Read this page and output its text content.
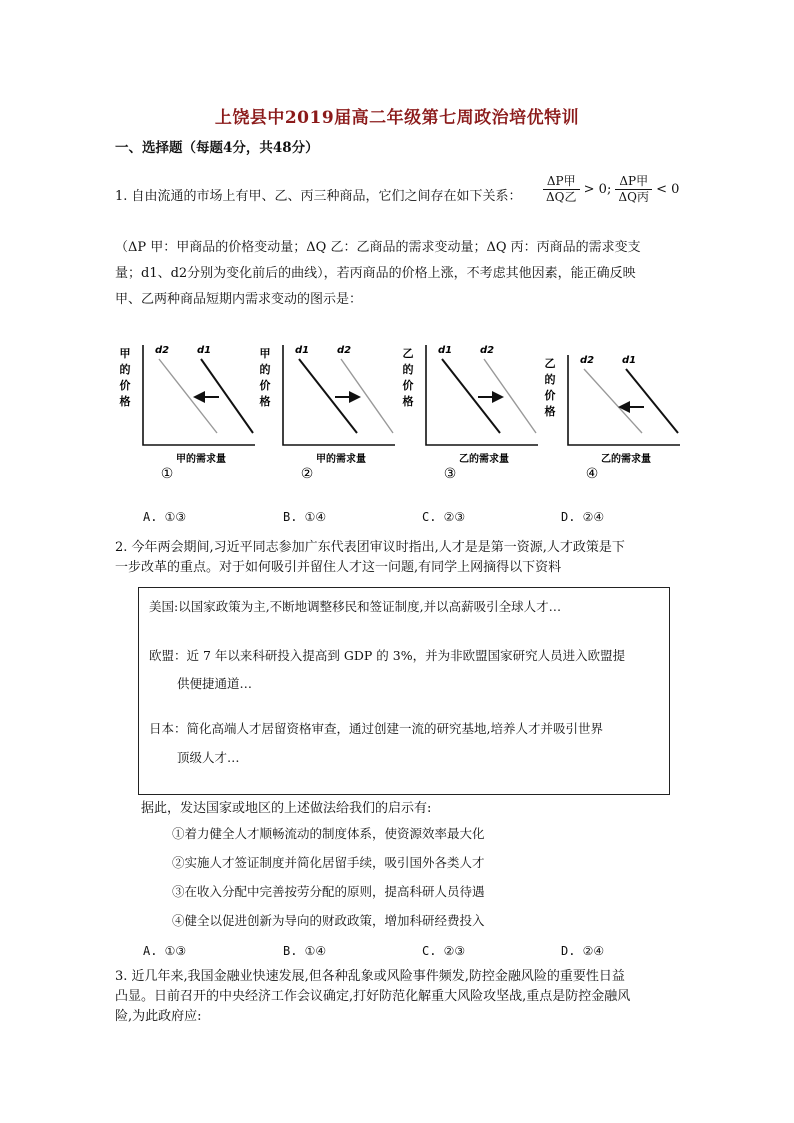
上饶县中2019届高二年级第七周政治培优特训
一、选择题（每题4分，共48分）
1. 自由流通的市场上有甲、乙、丙三种商品，它们之间存在如下关系： $\frac{\text{ΔP甲}}{\text{ΔQ乙}} > 0$; $\frac{\text{ΔP甲}}{\text{ΔQ丙}} < 0$
（ΔP 甲：甲商品的价格变动量；ΔQ 乙：乙商品的需求变动量；ΔQ 丙：丙商品的需求变支
量；d1、d2分别为变化前后的曲线），若丙商品的价格上涨，不考虑其他因素，能正确反映
甲、乙两种商品短期内需求变动的图示是：
甲
的
价
格
d2	d1
甲的需求量
①
甲
的
价
格
d1	d2
甲的需求量
②
乙
的
价
格
d1	d2
乙的需求量
③
乙
的
价
格
d2	d1
乙的需求量
④
A. ①③	B. ①④	C. ②③	D. ②④
2. 今年两会期间,习近平同志参加广东代表团审议时指出,人才是是第一资源,人才政策是下
一步改革的重点。对于如何吸引并留住人才这一问题,有同学上网摘得以下资料

美国:以国家政策为主,不断地调整移民和签证制度,并以高薪吸引全球人才…

欧盟：近 7 年以来科研投入提高到 GDP 的 3%，并为非欧盟国家研究人员进入欧盟提

供便捷通道…

日本：简化高端人才居留资格审查，通过创建一流的研究基地,培养人才并吸引世界

顶级人才…

据此，发达国家或地区的上述做法给我们的启示有:
①着力健全人才顺畅流动的制度体系，使资源效率最大化
②实施人才签证制度并简化居留手续，吸引国外各类人才
③在收入分配中完善按劳分配的原则，提高科研人员待遇
④健全以促进创新为导向的财政政策，增加科研经费投入
A. ①③	B. ①④	C. ②③	D. ②④
3. 近几年来,我国金融业快速发展,但各种乱象或风险事件频发,防控金融风险的重要性日益
凸显。日前召开的中央经济工作会议确定,打好防范化解重大风险攻坚战,重点是防控金融风
险,为此政府应:
